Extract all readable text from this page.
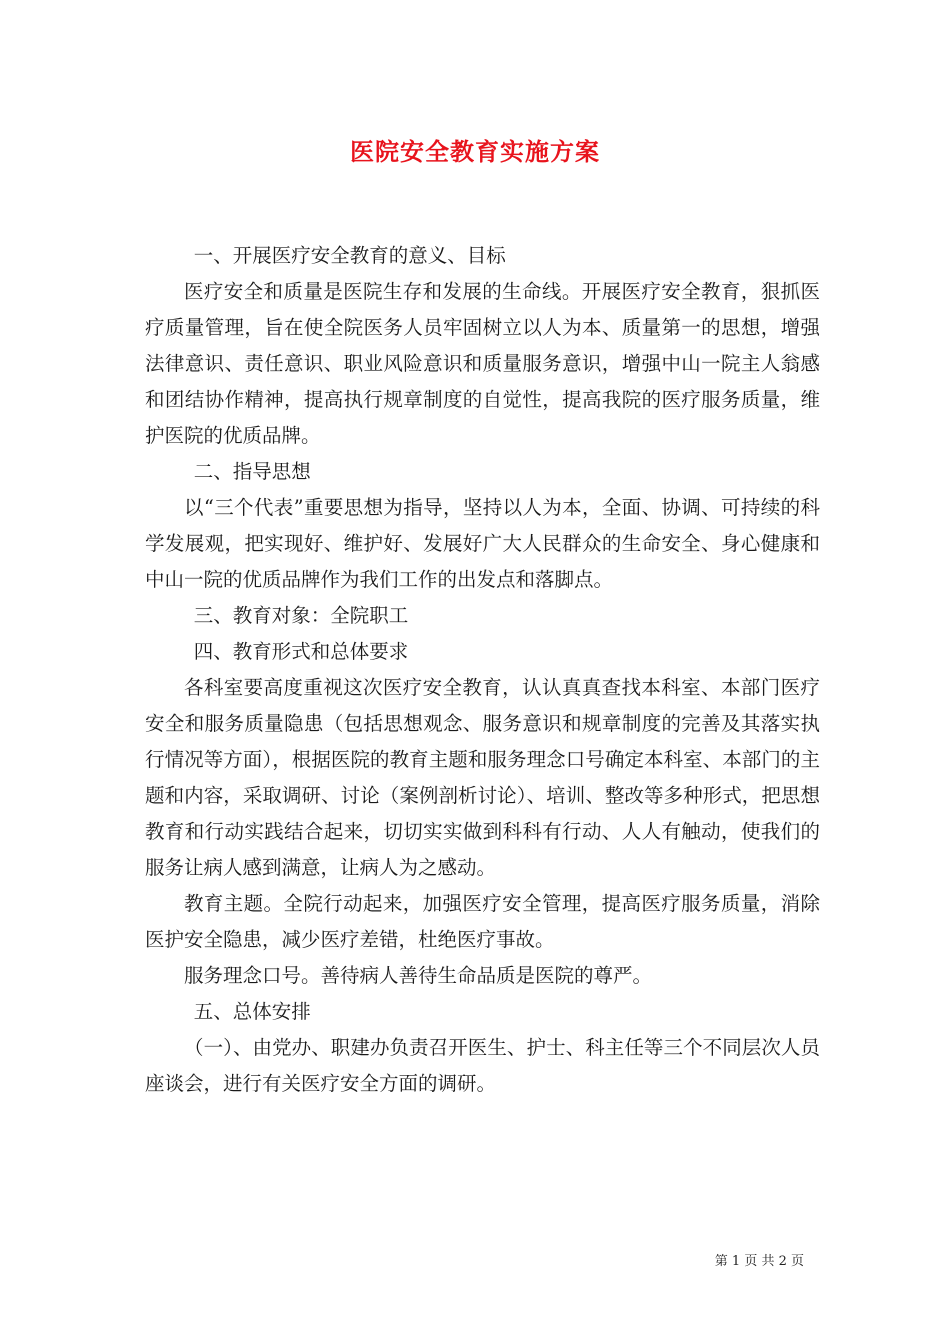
医院安全教育实施方案

一、开展医疗安全教育的意义、目标

医疗安全和质量是医院生存和发展的生命线。开展医疗安全教育，狠抓医疗质量管理，旨在使全院医务人员牢固树立以人为本、质量第一的思想，增强法律意识、责任意识、职业风险意识和质量服务意识，增强中山一院主人翁感和团结协作精神，提高执行规章制度的自觉性，提高我院的医疗服务质量，维护医院的优质品牌。

二、指导思想

以“三个代表”重要思想为指导，坚持以人为本，全面、协调、可持续的科学发展观，把实现好、维护好、发展好广大人民群众的生命安全、身心健康和中山一院的优质品牌作为我们工作的出发点和落脚点。

三、教育对象：全院职工

四、教育形式和总体要求

各科室要高度重视这次医疗安全教育，认认真真查找本科室、本部门医疗安全和服务质量隐患（包括思想观念、服务意识和规章制度的完善及其落实执行情况等方面），根据医院的教育主题和服务理念口号确定本科室、本部门的主题和内容，采取调研、讨论（案例剖析讨论）、培训、整改等多种形式，把思想教育和行动实践结合起来，切切实实做到科科有行动、人人有触动，使我们的服务让病人感到满意，让病人为之感动。

教育主题。全院行动起来，加强医疗安全管理，提高医疗服务质量，消除医护安全隐患，减少医疗差错，杜绝医疗事故。

服务理念口号。善待病人善待生命品质是医院的尊严。

五、总体安排

（一）、由党办、职建办负责召开医生、护士、科主任等三个不同层次人员座谈会，进行有关医疗安全方面的调研。

第 1 页 共 2 页
